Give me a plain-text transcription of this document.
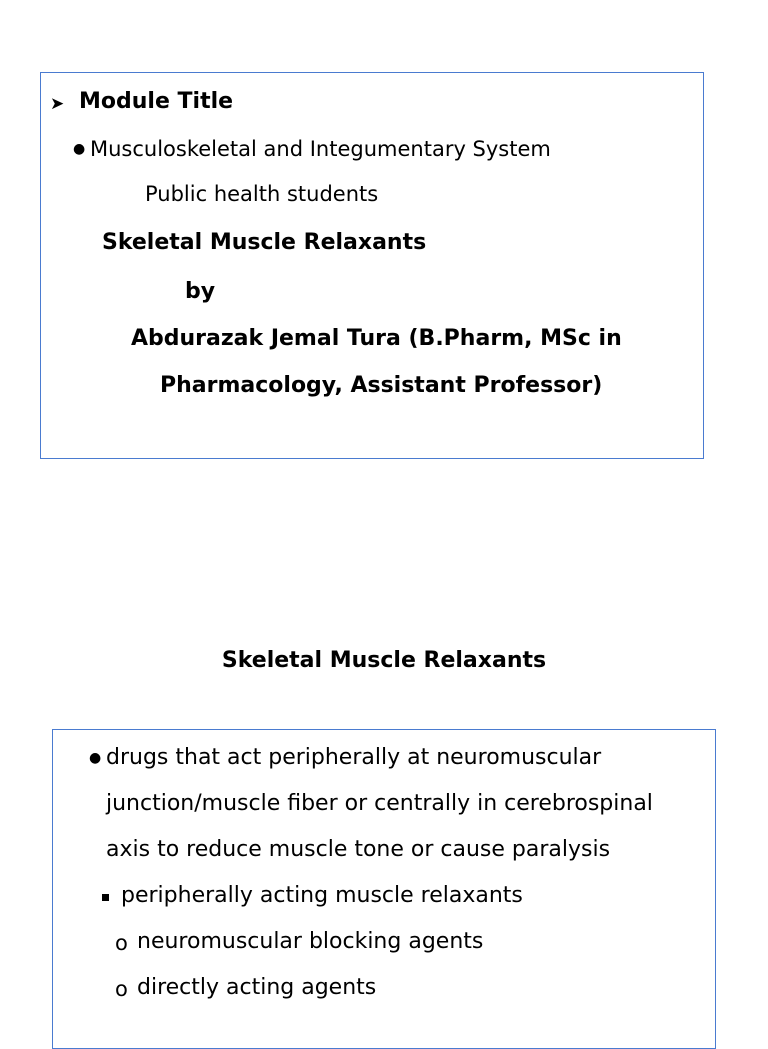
➤ Module Title
● Musculoskeletal and Integumentary System
Public health students
Skeletal Muscle Relaxants
by
Abdurazak Jemal Tura (B.Pharm, MSc in
Pharmacology, Assistant Professor)
Skeletal Muscle Relaxants
● drugs that act peripherally at neuromuscular
junction/muscle fiber or centrally in cerebrospinal
axis to reduce muscle tone or cause paralysis
peripherally acting muscle relaxants
o neuromuscular blocking agents
o directly acting agents
